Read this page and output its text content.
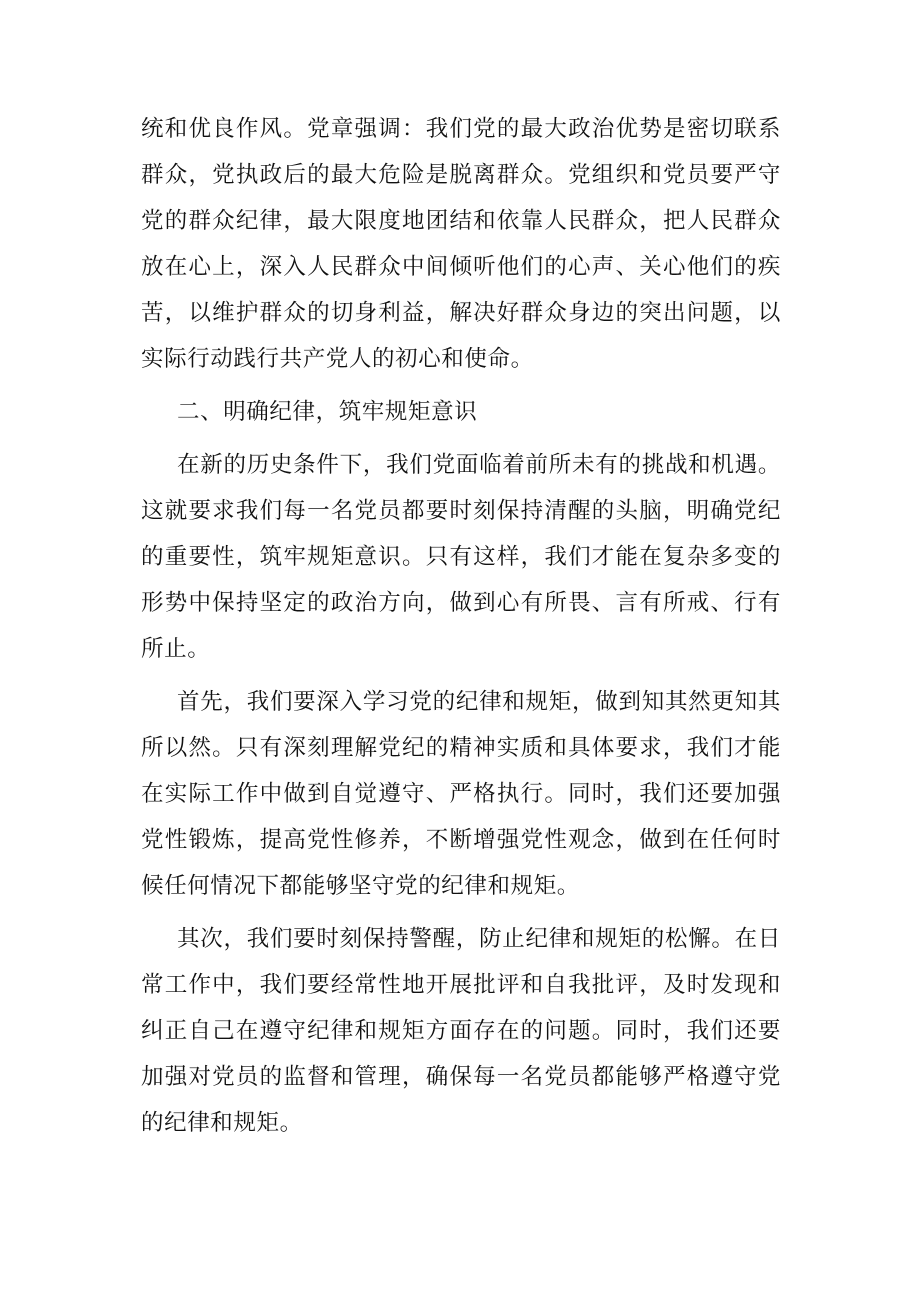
统和优良作风。党章强调：我们党的最大政治优势是密切联系群众，党执政后的最大危险是脱离群众。党组织和党员要严守党的群众纪律，最大限度地团结和依靠人民群众，把人民群众放在心上，深入人民群众中间倾听他们的心声、关心他们的疾苦，以维护群众的切身利益，解决好群众身边的突出问题，以实际行动践行共产党人的初心和使命。

二、明确纪律，筑牢规矩意识

在新的历史条件下，我们党面临着前所未有的挑战和机遇。这就要求我们每一名党员都要时刻保持清醒的头脑，明确党纪的重要性，筑牢规矩意识。只有这样，我们才能在复杂多变的形势中保持坚定的政治方向，做到心有所畏、言有所戒、行有所止。

首先，我们要深入学习党的纪律和规矩，做到知其然更知其所以然。只有深刻理解党纪的精神实质和具体要求，我们才能在实际工作中做到自觉遵守、严格执行。同时，我们还要加强党性锻炼，提高党性修养，不断增强党性观念，做到在任何时候任何情况下都能够坚守党的纪律和规矩。

其次，我们要时刻保持警醒，防止纪律和规矩的松懈。在日常工作中，我们要经常性地开展批评和自我批评，及时发现和纠正自己在遵守纪律和规矩方面存在的问题。同时，我们还要加强对党员的监督和管理，确保每一名党员都能够严格遵守党的纪律和规矩。
